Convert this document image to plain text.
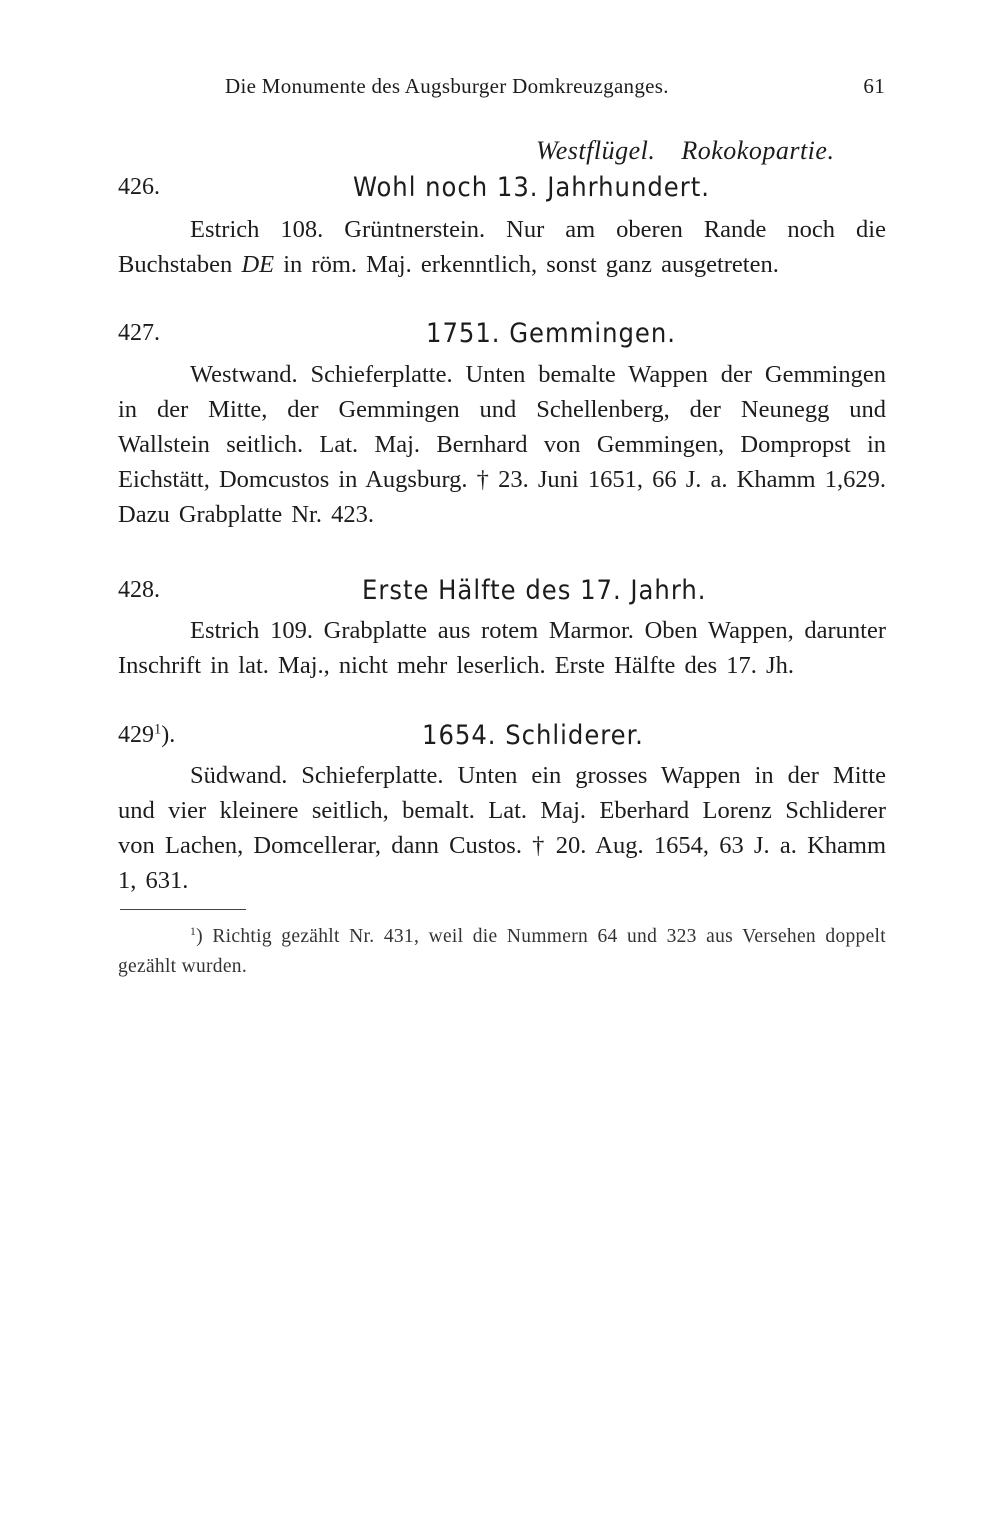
Die Monumente des Augsburger Domkreuzganges.	61
Westflügel. Rokokopartie.
426.	Wohl noch 13. Jahrhundert.

Estrich 108. Grüntnerstein. Nur am oberen Rande noch die Buchstaben DE in röm. Maj. erkenntlich, sonst ganz ausgetreten.

427.	1751. Gemmingen.

Westwand. Schieferplatte. Unten bemalte Wappen der Gemmingen in der Mitte, der Gemmingen und Schellenberg, der Neunegg und Wallstein seitlich. Lat. Maj. Bernhard von Gemmingen, Dompropst in Eichstätt, Domcustos in Augsburg. † 23. Juni 1651, 66 J. a. Khamm 1,629. Dazu Grabplatte Nr. 423.

428.	Erste Hälfte des 17. Jahrh.

Estrich 109. Grabplatte aus rotem Marmor. Oben Wappen, darunter Inschrift in lat. Maj., nicht mehr leserlich. Erste Hälfte des 17. Jh.

$429^1$).	1654. Schliderer.

Südwand. Schieferplatte. Unten ein grosses Wappen in der Mitte und vier kleinere seitlich, bemalt. Lat. Maj. Eberhard Lorenz Schliderer von Lachen, Domcellerar, dann Custos. † 20. Aug. 1654, 63 J. a. Khamm 1, 631.

$^1$) Richtig gezählt Nr. 431, weil die Nummern 64 und 323 aus Versehen doppelt gezählt wurden.
